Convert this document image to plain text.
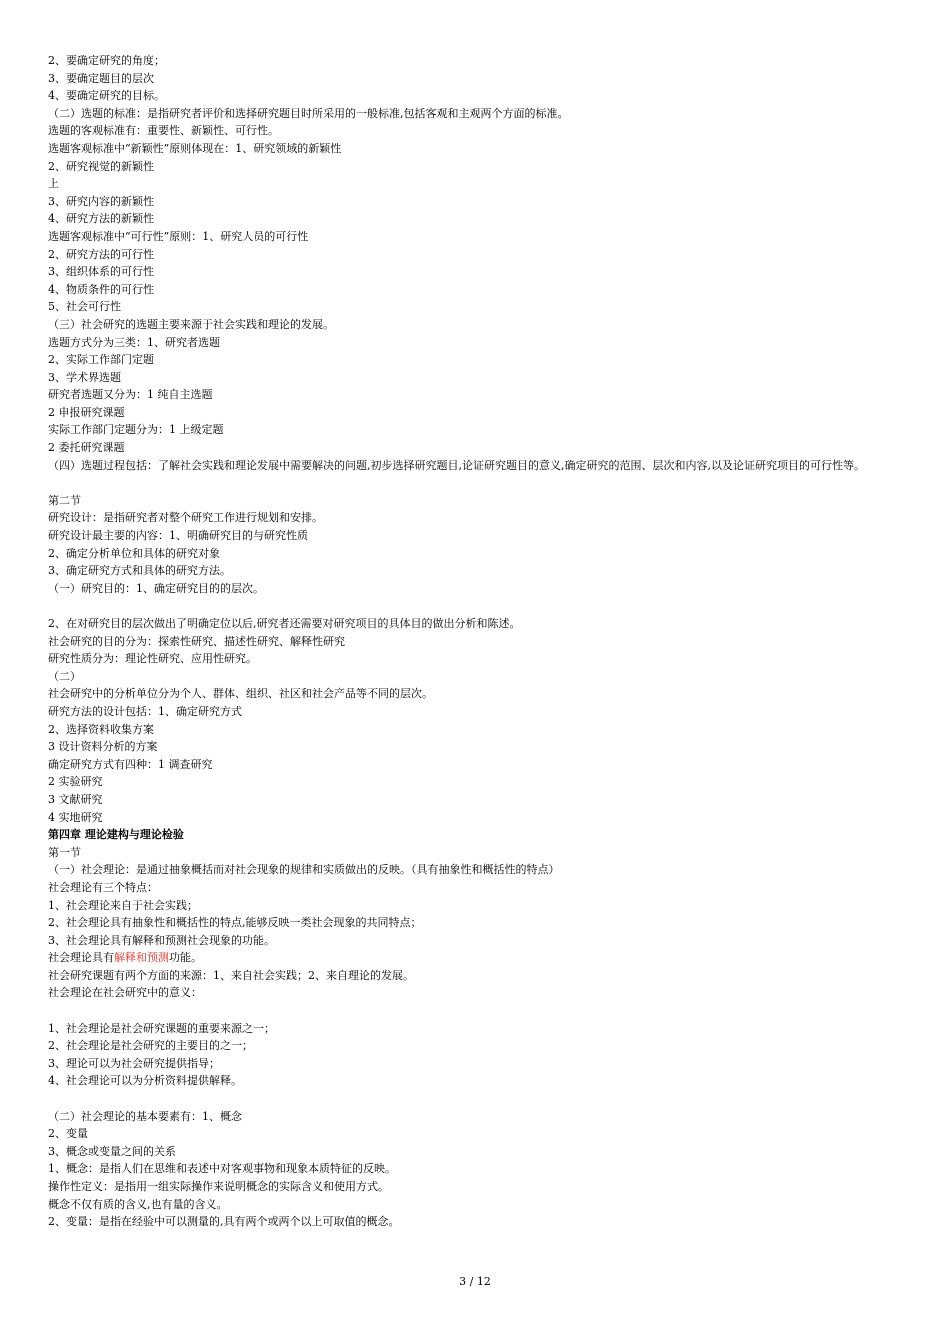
2、要确定研究的角度；
3、要确定题目的层次
4、要确定研究的目标。
（二）选题的标准：是指研究者评价和选择研究题目时所采用的一般标准,包括客观和主观两个方面的标准。
选题的客观标准有：重要性、新颖性、可行性。
选题客观标准中“新颖性”原则体现在：1、研究领域的新颖性
2、研究视觉的新颖性
上
3、研究内容的新颖性
4、研究方法的新颖性
选题客观标准中“可行性”原则：1、研究人员的可行性
2、研究方法的可行性
3、组织体系的可行性
4、物质条件的可行性
5、社会可行性
（三）社会研究的选题主要来源于社会实践和理论的发展。
选题方式分为三类：1、研究者选题
2、实际工作部门定题
3、学术界选题
研究者选题又分为：1 纯自主选题
2 申报研究课题
实际工作部门定题分为：1 上级定题
2 委托研究课题
（四）选题过程包括：了解社会实践和理论发展中需要解决的问题,初步选择研究题目,论证研究题目的意义,确定研究的范围、层次和内容,以及论证研究项目的可行性等。
第二节
研究设计：是指研究者对整个研究工作进行规划和安排。
研究设计最主要的内容：1、明确研究目的与研究性质
2、确定分析单位和具体的研究对象
3、确定研究方式和具体的研究方法。
（一）研究目的：1、确定研究目的的层次。
2、在对研究目的层次做出了明确定位以后,研究者还需要对研究项目的具体目的做出分析和陈述。
社会研究的目的分为：探索性研究、描述性研究、解释性研究
研究性质分为：理论性研究、应用性研究。
（二）
社会研究中的分析单位分为个人、群体、组织、社区和社会产品等不同的层次。
研究方法的设计包括：1、确定研究方式
2、选择资料收集方案
3 设计资料分析的方案
确定研究方式有四种：1 调查研究
2 实验研究
3 文献研究
4 实地研究
第四章 理论建构与理论检验
第一节
（一）社会理论：是通过抽象概括而对社会现象的规律和实质做出的反映。（具有抽象性和概括性的特点）
社会理论有三个特点：
1、社会理论来自于社会实践；
2、社会理论具有抽象性和概括性的特点,能够反映一类社会现象的共同特点；
3、社会理论具有解释和预测社会现象的功能。
社会理论具有解释和预测功能。
社会研究课题有两个方面的来源：1、来自社会实践；2、来自理论的发展。
社会理论在社会研究中的意义：
1、社会理论是社会研究课题的重要来源之一；
2、社会理论是社会研究的主要目的之一；
3、理论可以为社会研究提供指导；
4、社会理论可以为分析资料提供解释。
（二）社会理论的基本要素有：1、概念
2、变量
3、概念或变量之间的关系
1、概念：是指人们在思维和表述中对客观事物和现象本质特征的反映。
操作性定义：是指用一组实际操作来说明概念的实际含义和使用方式。
概念不仅有质的含义,也有量的含义。
2、变量：是指在经验中可以测量的,具有两个或两个以上可取值的概念。
3 / 12
